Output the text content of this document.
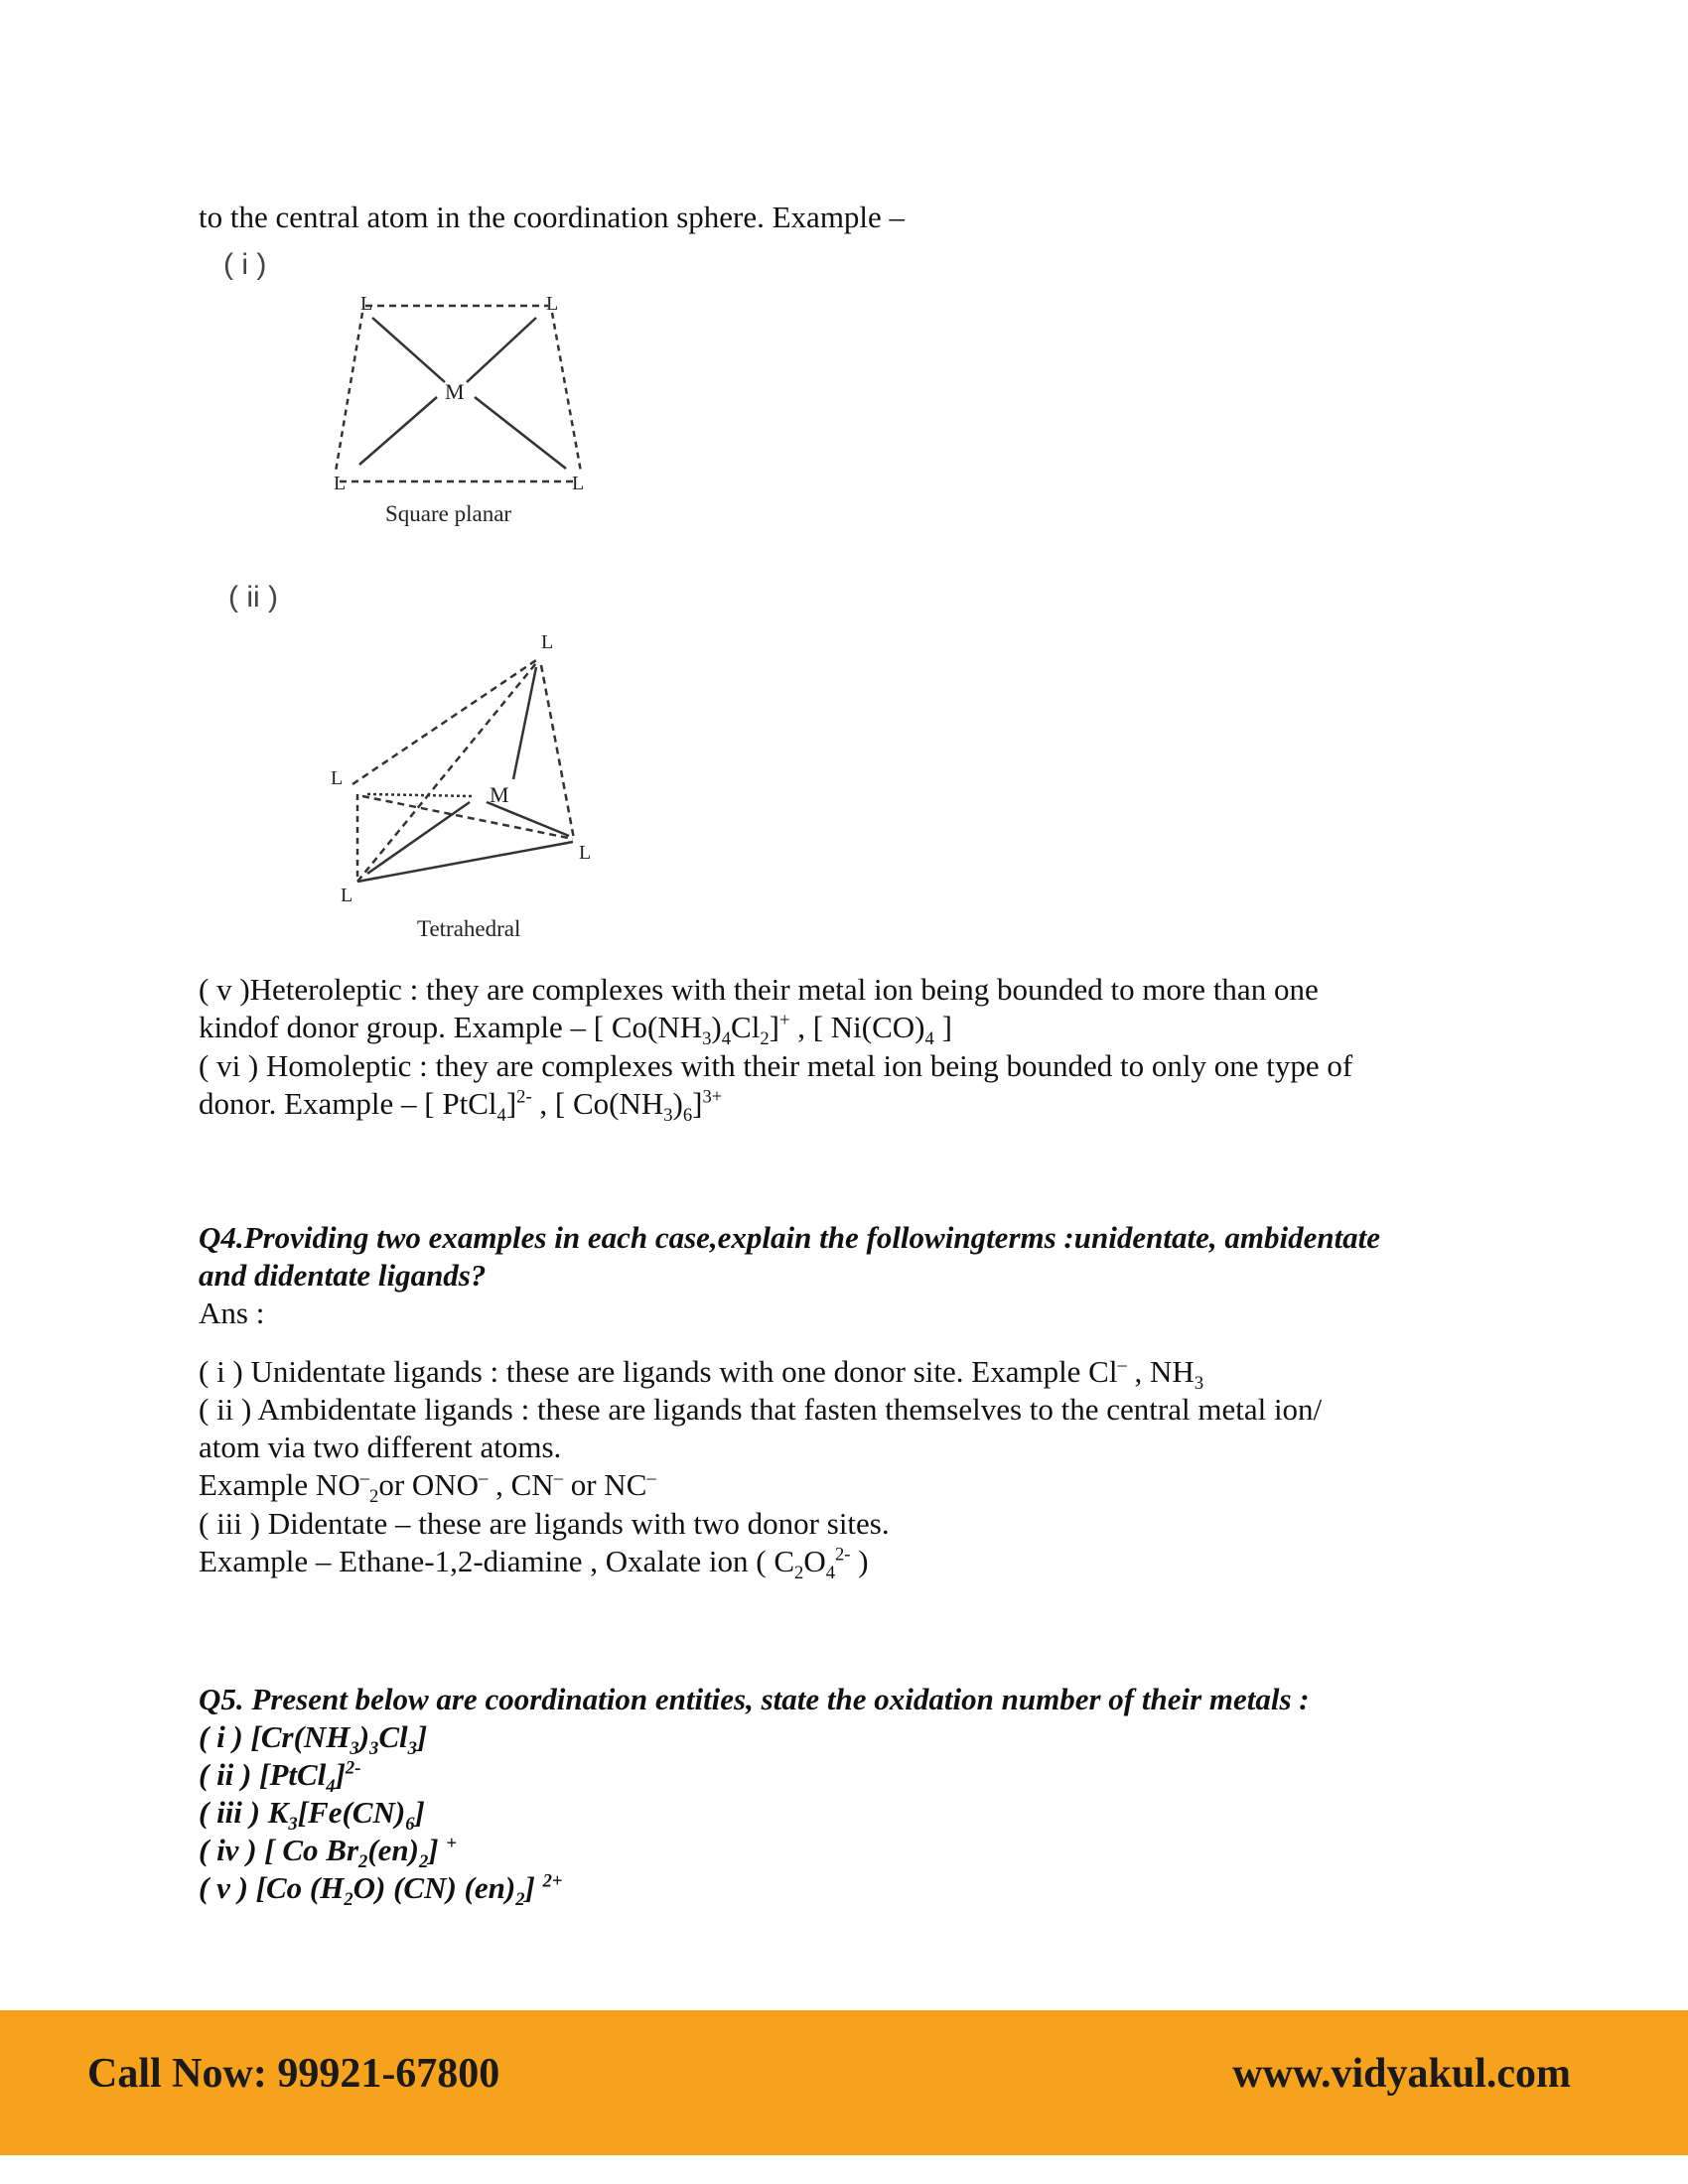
to the central atom in the coordination sphere. Example –
( i )
L	L
M
L	L
Square planar
( ii )
L
L
M
L
L
Tetrahedral
( v )Heteroleptic : they are complexes with their metal ion being bounded to more than one
kindof donor group. Example – [ $Co(NH_3)_4Cl_2]^+$ , [ $Ni(CO)_4$ ]
( vi ) Homoleptic : they are complexes with their metal ion being bounded to only one type of
donor. Example – [ PtCl$_4$]$^{2-}$ , [ $Co(NH_3)_6]^{3+}$
Q4.Providing two examples in each case,explain the followingterms :unidentate, ambidentate
and didentate ligands?
Ans :
( i ) Unidentate ligands : these are ligands with one donor site. Example Cl– , $NH_3$
( ii ) Ambidentate ligands : these are ligands that fasten themselves to the central metal ion/
atom via two different atoms.
Example $NO^-_2or$ ONO– , CN– or NC–
( iii ) Didentate – these are ligands with two donor sites.
Example – Ethane-1,2-diamine , Oxalate ion ( $C_2O_4^{2-}$ )
Q5. Present below are coordination entities, state the oxidation number of their metals :
( i ) $[Cr(NH_3)_3Cl_3]$
( ii ) [PtCl$_4$]$^{2-}$
( iii ) $K_3[Fe(CN)_6]$
( iv ) [ Co $Br_2(en)_2$] +
( v ) [Co $(H_2O)$ (CN) $(en)_2$] $^{2+}$
Call Now: 99921-67800	www.vidyakul.com
